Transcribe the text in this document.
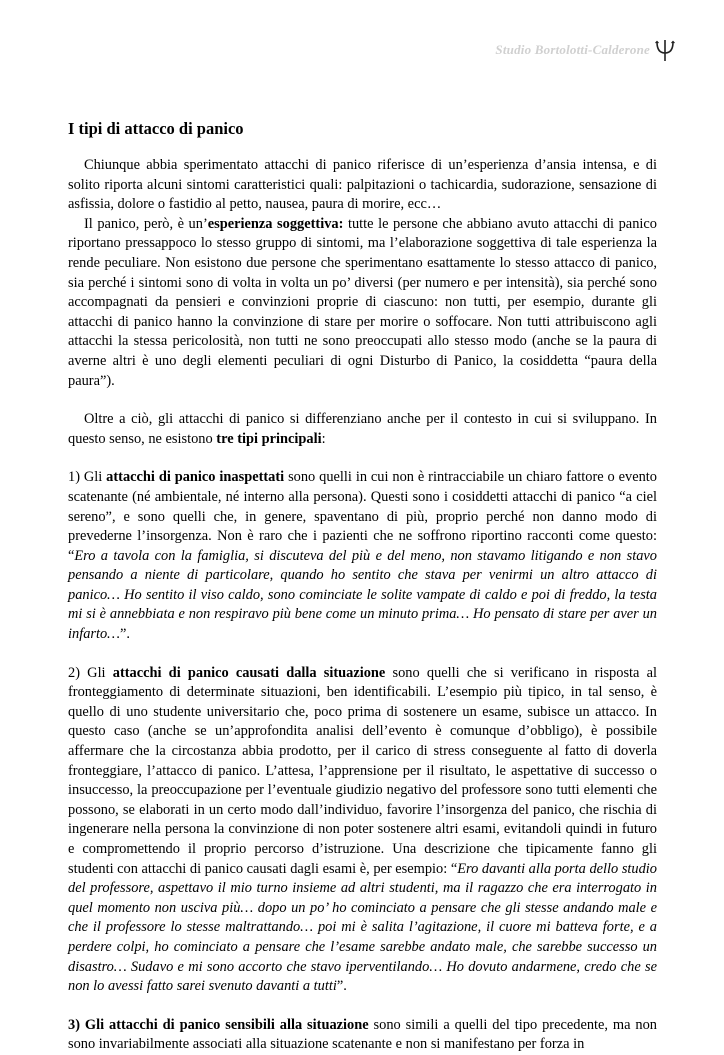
Studio Bortolotti-Calderone
I tipi di attacco di panico

Chiunque abbia sperimentato attacchi di panico riferisce di un’esperienza d’ansia intensa, e di solito riporta alcuni sintomi caratteristici quali: palpitazioni o tachicardia, sudorazione, sensazione di asfissia, dolore o fastidio al petto, nausea, paura di morire, ecc…

Il panico, però, è un’esperienza soggettiva: tutte le persone che abbiano avuto attacchi di panico riportano pressappoco lo stesso gruppo di sintomi, ma l’elaborazione soggettiva di tale esperienza la rende peculiare. Non esistono due persone che sperimentano esattamente lo stesso attacco di panico, sia perché i sintomi sono di volta in volta un po’ diversi (per numero e per intensità), sia perché sono accompagnati da pensieri e convinzioni proprie di ciascuno: non tutti, per esempio, durante gli attacchi di panico hanno la convinzione di stare per morire o soffocare. Non tutti attribuiscono agli attacchi la stessa pericolosità, non tutti ne sono preoccupati allo stesso modo (anche se la paura di averne altri è uno degli elementi peculiari di ogni Disturbo di Panico, la cosiddetta “paura della paura”).

Oltre a ciò, gli attacchi di panico si differenziano anche per il contesto in cui si sviluppano. In questo senso, ne esistono tre tipi principali:

1) Gli attacchi di panico inaspettati sono quelli in cui non è rintracciabile un chiaro fattore o evento scatenante (né ambientale, né interno alla persona). Questi sono i cosiddetti attacchi di panico “a ciel sereno”, e sono quelli che, in genere, spaventano di più, proprio perché non danno modo di prevederne l’insorgenza. Non è raro che i pazienti che ne soffrono riportino racconti come questo: “Ero a tavola con la famiglia, si discuteva del più e del meno, non stavamo litigando e non stavo pensando a niente di particolare, quando ho sentito che stava per venirmi un altro attacco di panico… Ho sentito il viso caldo, sono cominciate le solite vampate di caldo e poi di freddo, la testa mi si è annebbiata e non respiravo più bene come un minuto prima… Ho pensato di stare per aver un infarto…”.

2) Gli attacchi di panico causati dalla situazione sono quelli che si verificano in risposta al fronteggiamento di determinate situazioni, ben identificabili. L’esempio più tipico, in tal senso, è quello di uno studente universitario che, poco prima di sostenere un esame, subisce un attacco. In questo caso (anche se un’approfondita analisi dell’evento è comunque d’obbligo), è possibile affermare che la circostanza abbia prodotto, per il carico di stress conseguente al fatto di doverla fronteggiare, l’attacco di panico. L’attesa, l’apprensione per il risultato, le aspettative di successo o insuccesso, la preoccupazione per l’eventuale giudizio negativo del professore sono tutti elementi che possono, se elaborati in un certo modo dall’individuo, favorire l’insorgenza del panico, che rischia di ingenerare nella persona la convinzione di non poter sostenere altri esami, evitandoli quindi in futuro e compromettendo il proprio percorso d’istruzione. Una descrizione che tipicamente fanno gli studenti con attacchi di panico causati dagli esami è, per esempio: “Ero davanti alla porta dello studio del professore, aspettavo il mio turno insieme ad altri studenti, ma il ragazzo che era interrogato in quel momento non usciva più… dopo un po’ ho cominciato a pensare che gli stesse andando male e che il professore lo stesse maltrattando… poi mi è salita l’agitazione, il cuore mi batteva forte, e a perdere colpi, ho cominciato a pensare che l’esame sarebbe andato male, che sarebbe successo un disastro… Sudavo e mi sono accorto che stavo iperventilando… Ho dovuto andarmene, credo che se non lo avessi fatto sarei svenuto davanti a tutti”.

3) Gli attacchi di panico sensibili alla situazione sono simili a quelli del tipo precedente, ma non sono invariabilmente associati alla situazione scatenante e non si manifestano per forza in
